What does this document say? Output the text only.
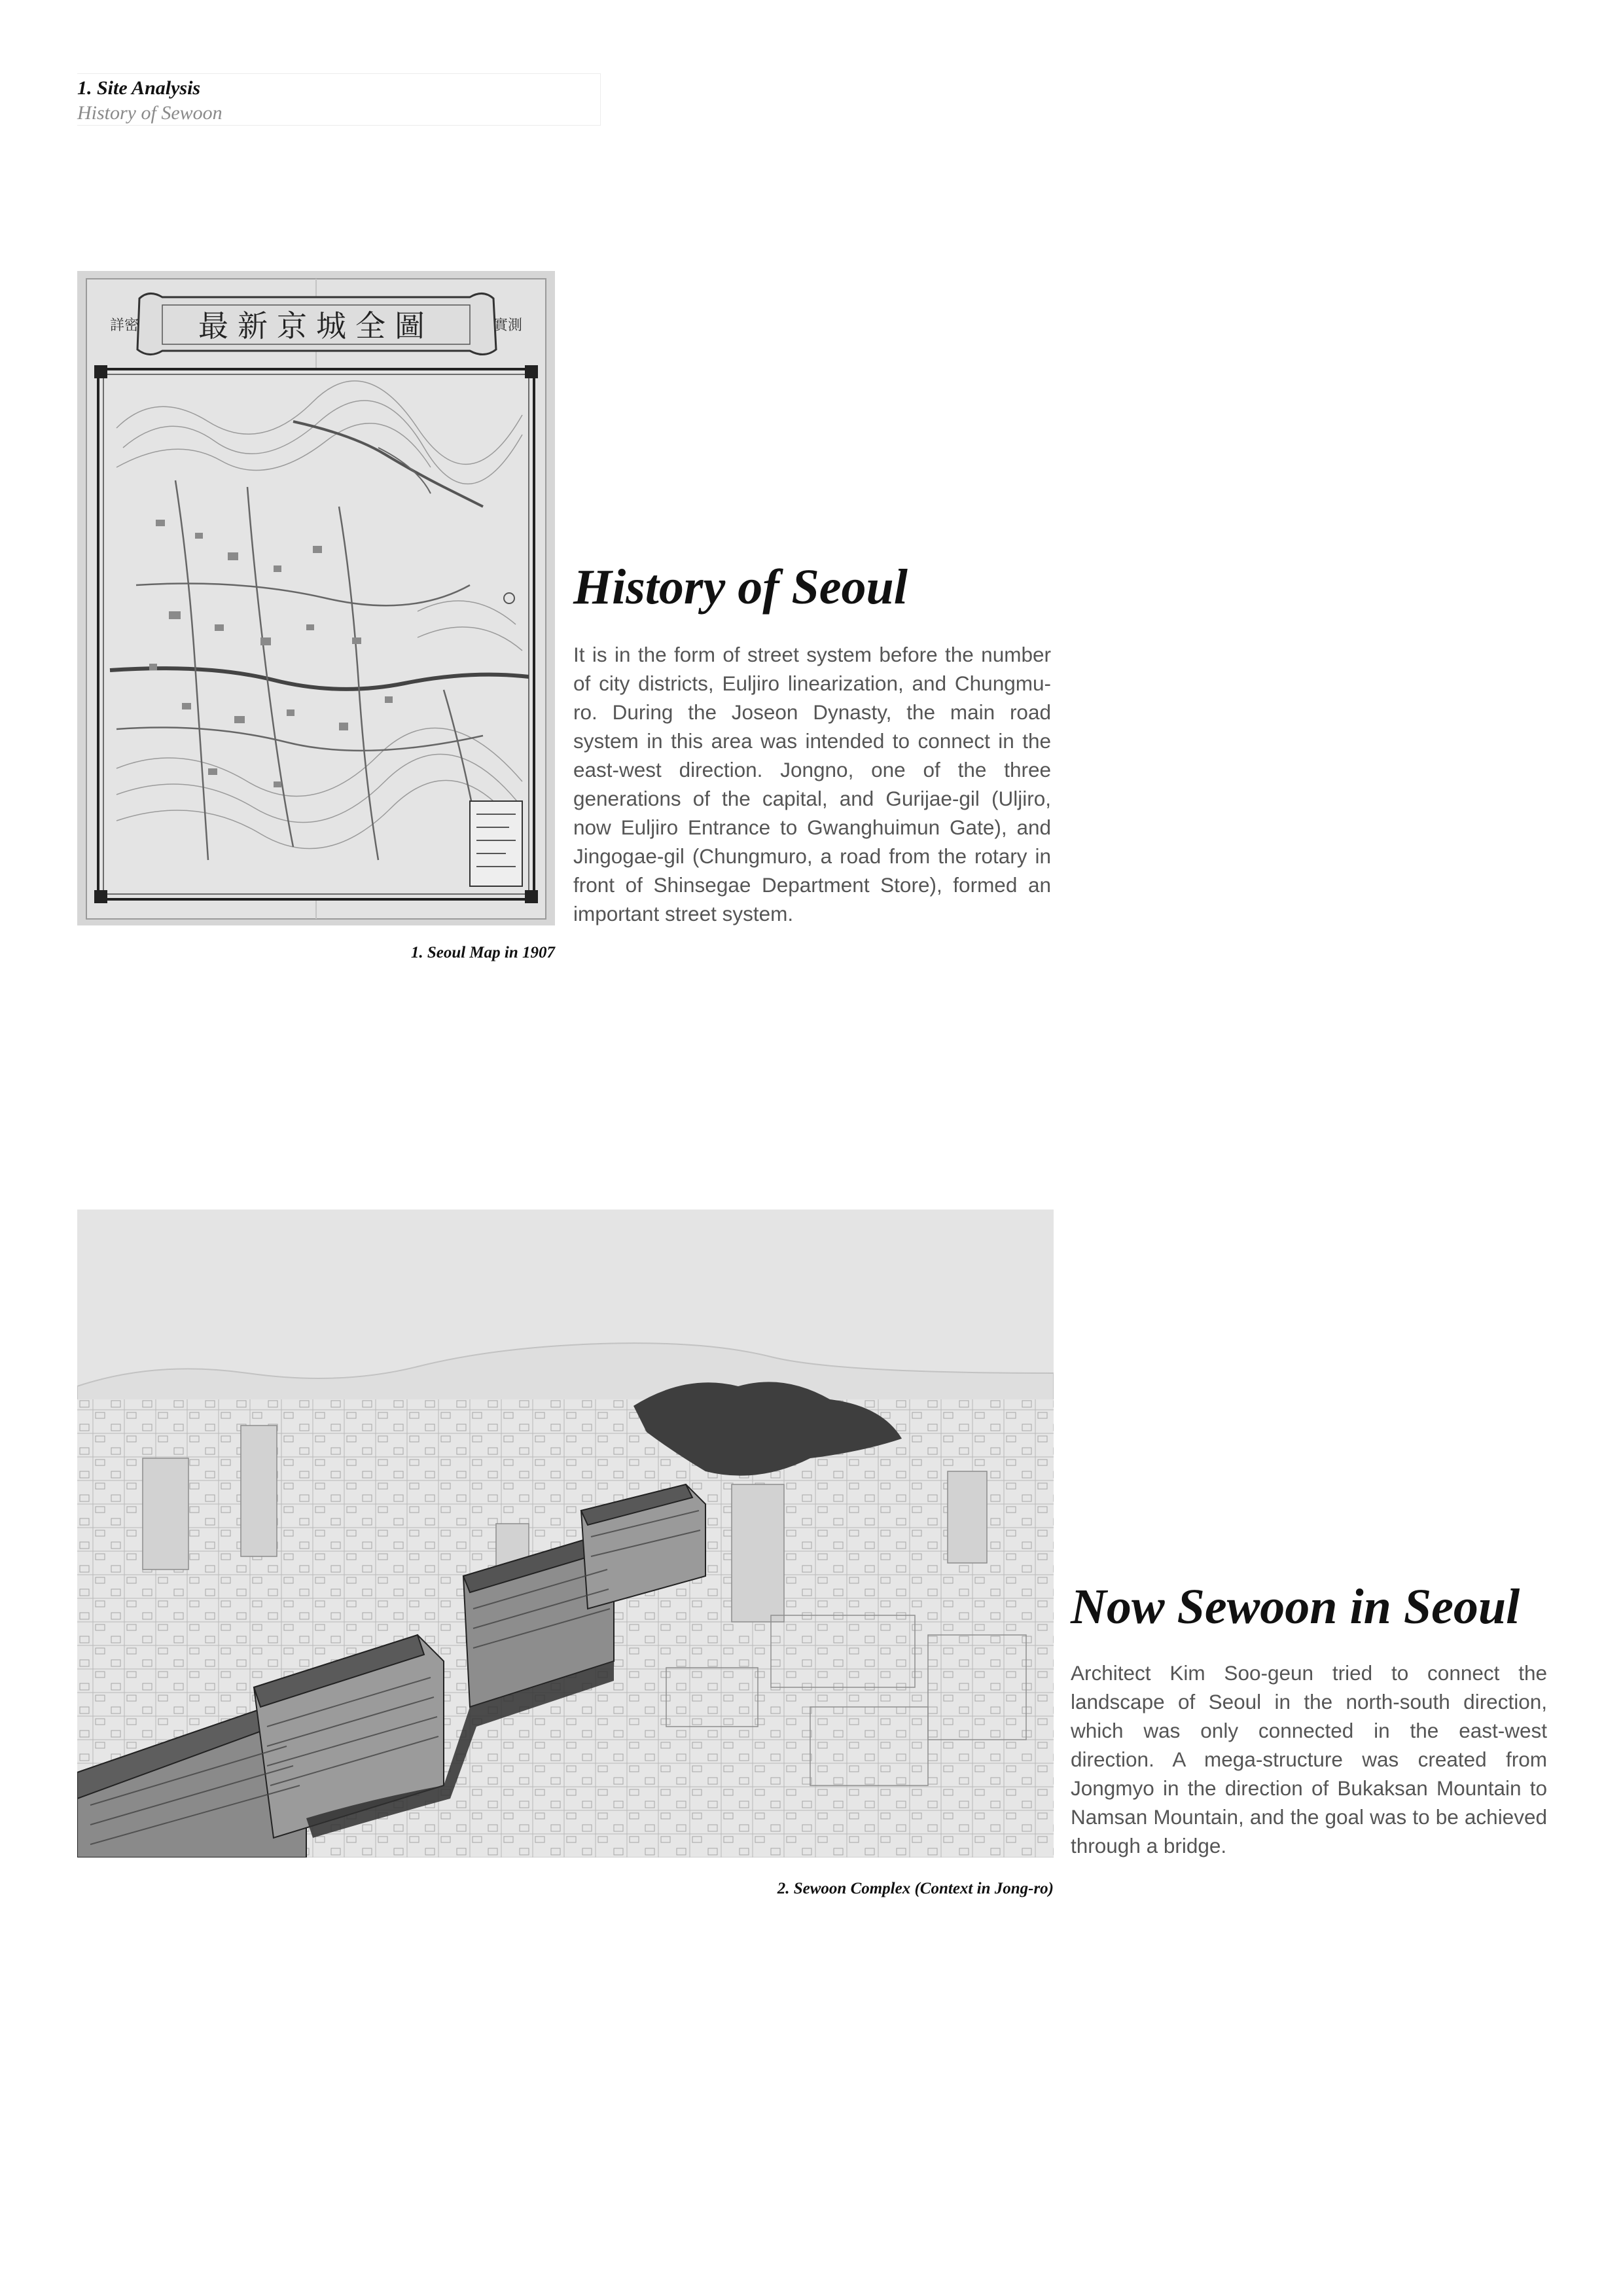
1. Site Analysis
History of Sewoon
最新京城全圖
詳密	實測
1. Seoul Map in 1907
History of Seoul
It is in the form of street system before the number of city districts, Euljiro linearization, and Chungmu-ro. During the Joseon Dynasty, the main road system in this area was intended to connect in the east-west direction. Jongno, one of the three generations of the capital, and Gurijae-gil (Uljiro, now Euljiro Entrance to Gwanghuimun Gate), and Jingogae-gil (Chungmuro, a road from the rotary in front of Shinsegae Department Store), formed an important street system.
2. Sewoon Complex (Context in Jong-ro)
Now Sewoon in Seoul
Architect Kim Soo-geun tried to connect the landscape of Seoul in the north-south direction, which was only connected in the east-west direction. A mega-structure was created from Jongmyo in the direction of Bukaksan Mountain to Namsan Mountain, and the goal was to be achieved through a bridge.
